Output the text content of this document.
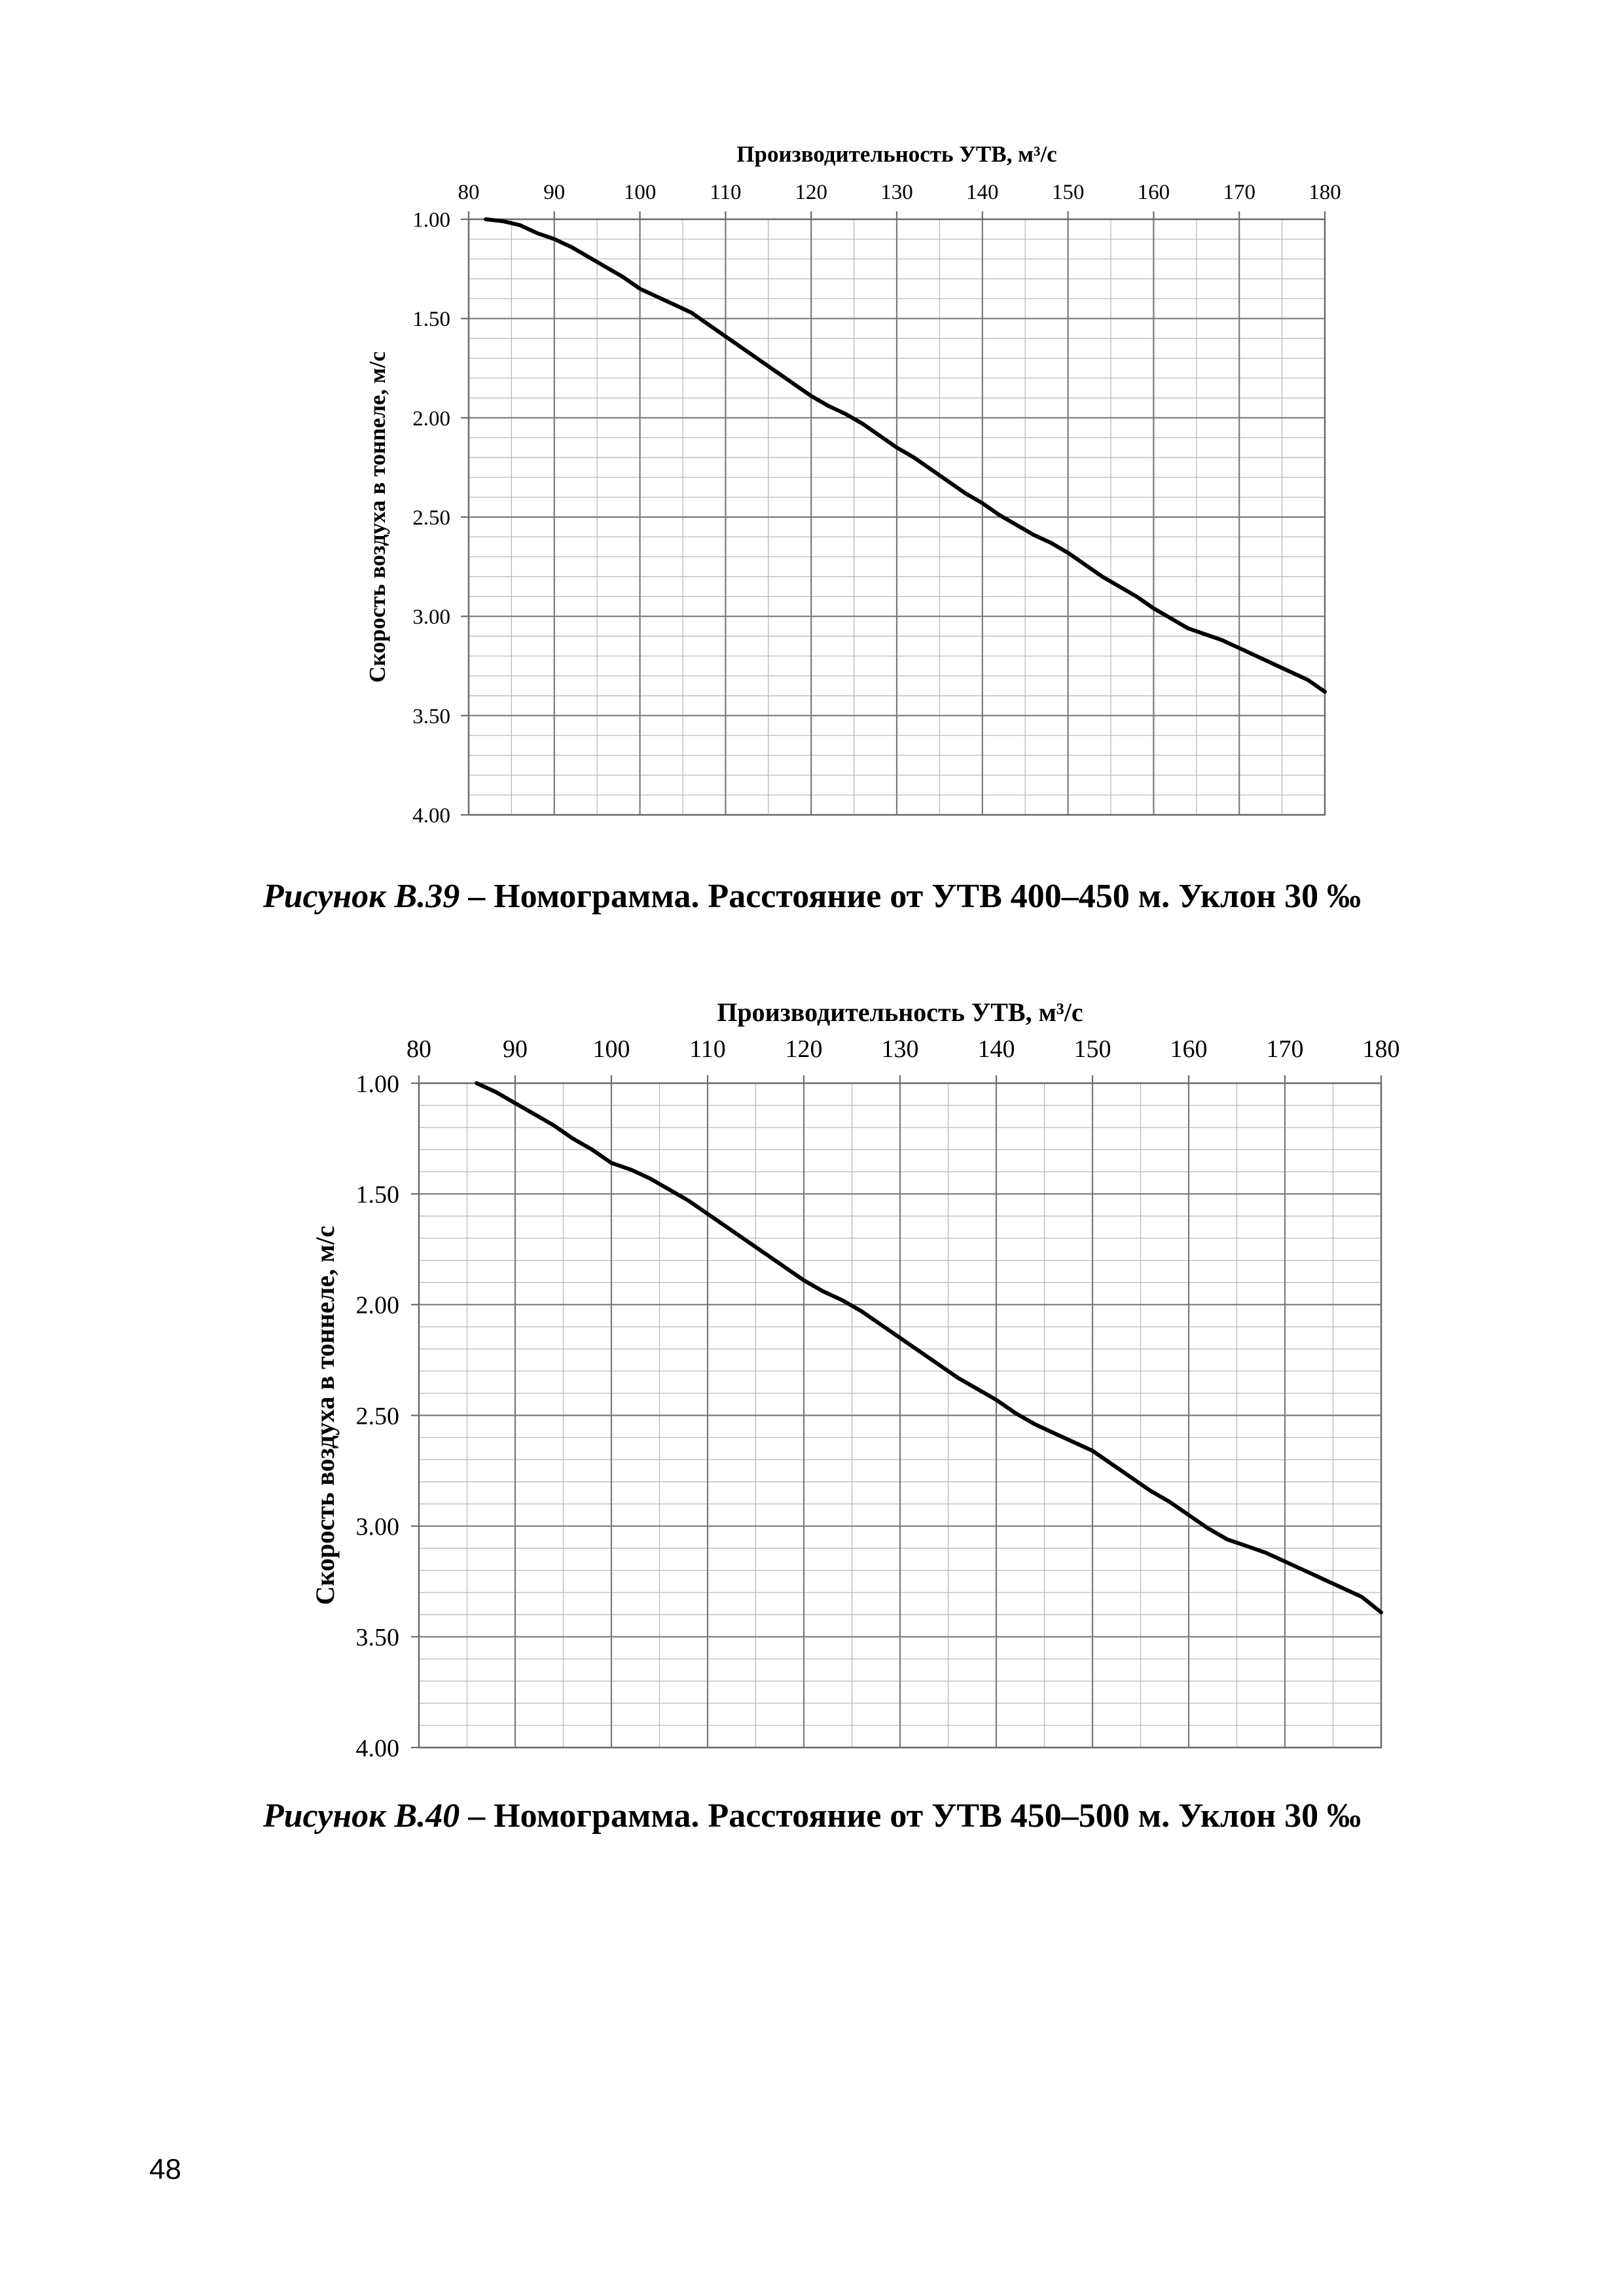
80	90	100 110 120 130 140 150 160 170 180
1.00
1.50
2.00
2.50
3.00
3.50
4.00
Производительность УТВ, м³/с
Скорость воздуха в тонneле, м/с
Рисунок В.39 – Номограмма. Расстояние от УТВ 400–450 м. Уклон 30 ‰
80	90	100 110 120 130 140 150 160 170 180
1.00
1.50
2.00
2.50
3.00
3.50
4.00
Производительность УТВ, м³/с
Скорость воздуха в тоннеле, м/с
Рисунок В.40 – Номограмма. Расстояние от УТВ 450–500 м. Уклон 30 ‰
48
